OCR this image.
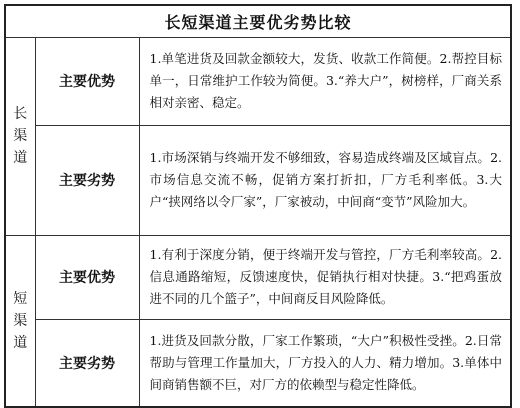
长短渠道主要优劣势比较		

长
渠
道	主要优势	1.单笔进货及回款金额较大，发货、收款工作简便。2.帮控目标单一，日常维护工作较为简便。3.“养大户”，树榜样，厂商关系相对亲密、稳定。
	主要劣势	1.市场深销与终端开发不够细致，容易造成终端及区域盲点。2.市场信息交流不畅，促销方案打折扣，厂方毛利率低。3.大户“挟网络以令厂家”，厂家被动，中间商“变节”风险加大。

短
渠
道	主要优势	1.有利于深度分销，便于终端开发与管控，厂方毛利率较高。2.信息通路缩短，反馈速度快，促销执行相对快捷。3.“把鸡蛋放进不同的几个篮子”，中间商反目风险降低。
	主要劣势	1.进货及回款分散，厂家工作繁琐，“大户”积极性受挫。2.日常帮助与管理工作量加大，厂方投入的人力、精力增加。3.单体中间商销售额不巨，对厂方的依赖型与稳定性降低。
